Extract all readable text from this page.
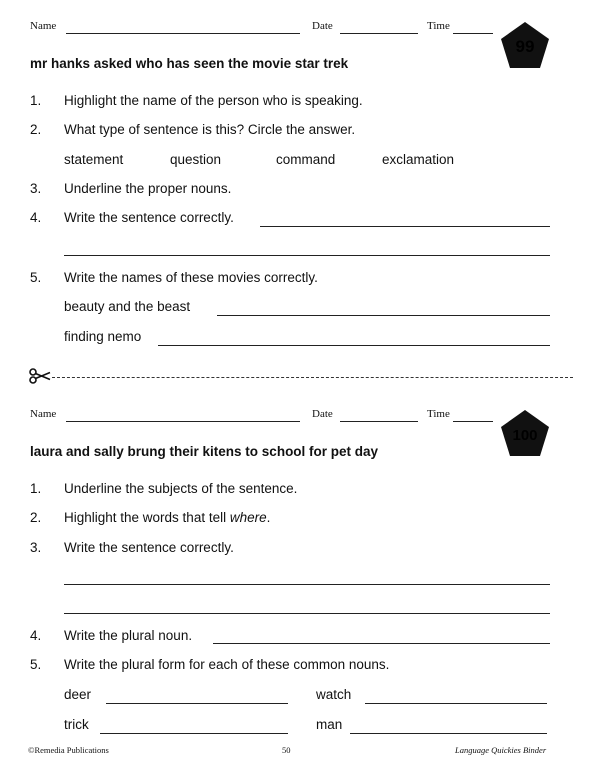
Name	Date	Time
99
mr hanks asked who has seen the movie star trek
1. Highlight the name of the person who is speaking.
2. What type of sentence is this? Circle the answer.
statement	question	command	exclamation
3. Underline the proper nouns.
4. Write the sentence correctly.
5. Write the names of these movies correctly.
beauty and the beast
finding nemo
Name	Date	Time
100
laura and sally brung their kitens to school for pet day
1. Underline the subjects of the sentence.
2. Highlight the words that tell where.
3. Write the sentence correctly.
4. Write the plural noun.
5. Write the plural form for each of these common nouns.
deer	watch
trick	man
©Remedia Publications	50	Language Quickies Binder
